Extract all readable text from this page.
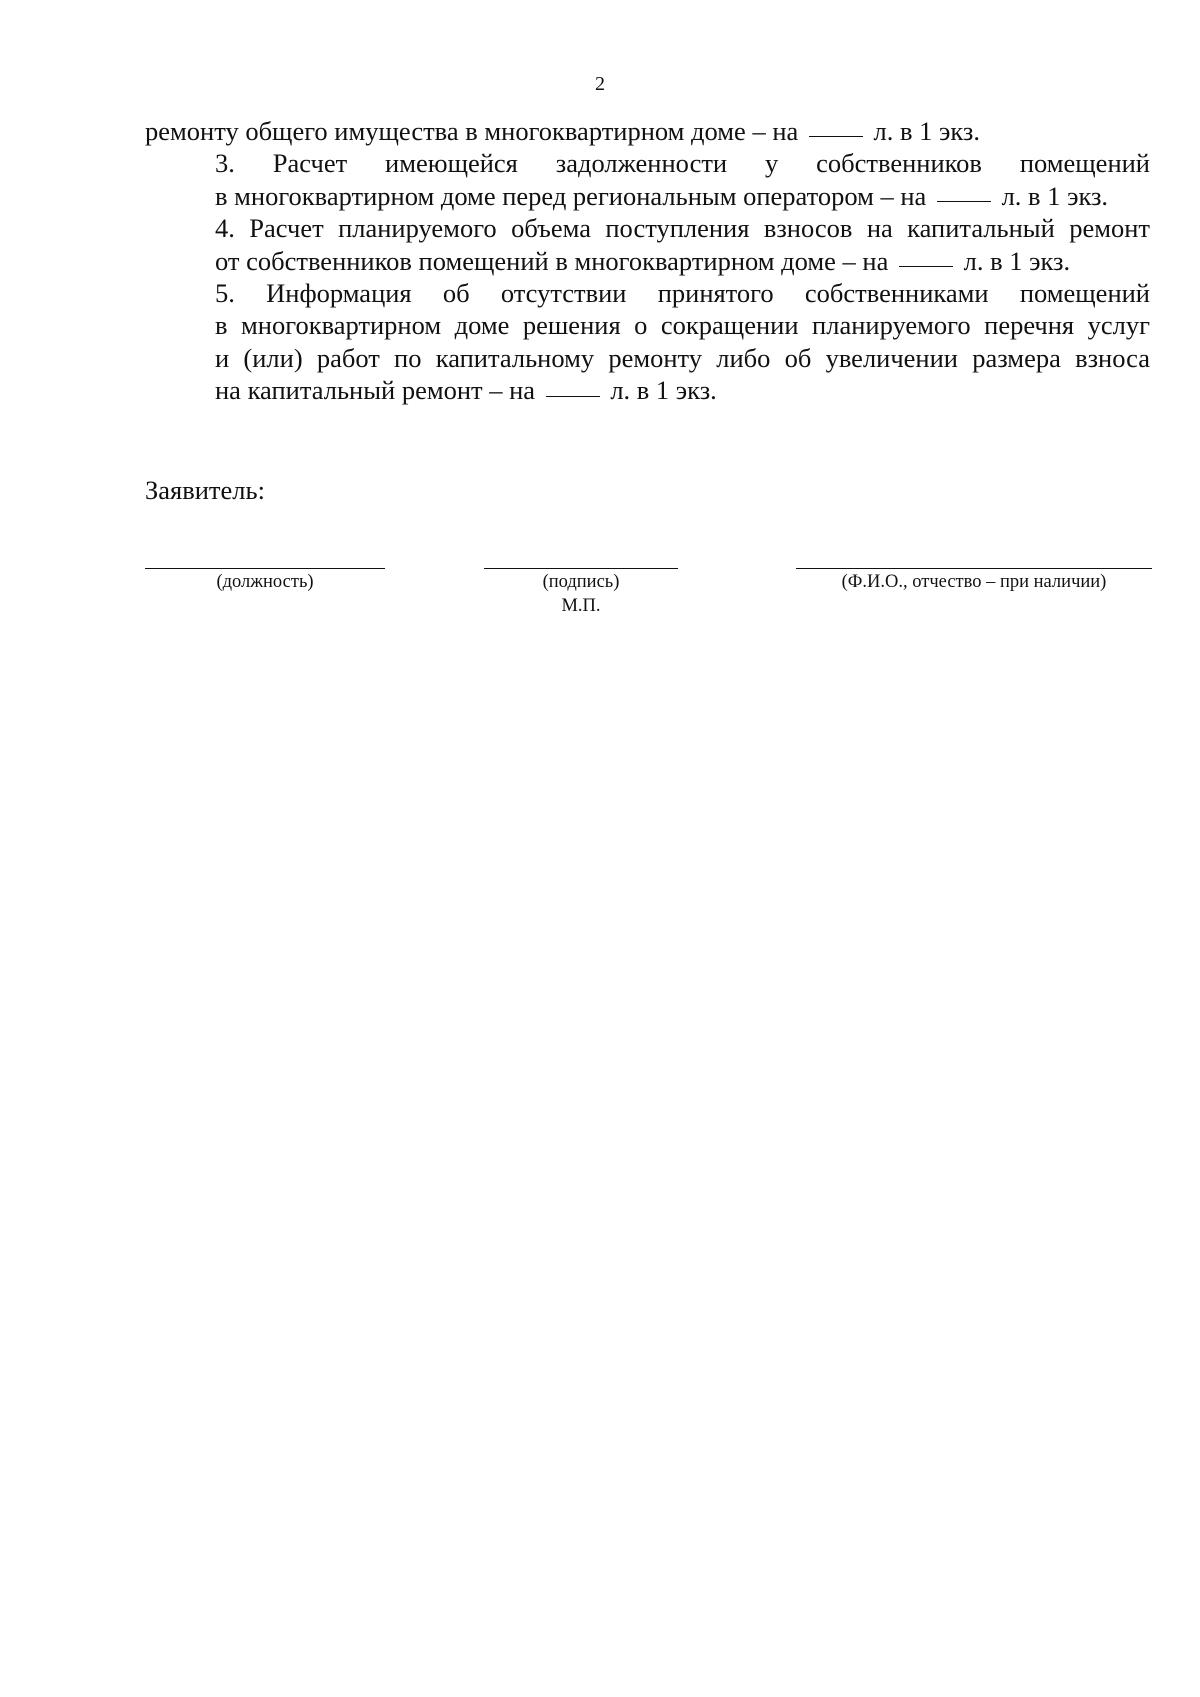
2

ремонту общего имущества в многоквартирном доме – на  л. в 1 экз.

3. Расчет имеющейся задолженности у собственников помещений
в многоквартирном доме перед региональным оператором – на  л. в 1 экз.

4. Расчет планируемого объема поступления взносов на капитальный ремонт
от собственников помещений в многоквартирном доме – на  л. в 1 экз.

5. Информация об отсутствии принятого собственниками помещений
в многоквартирном доме решения о сокращении планируемого перечня услуг
и (или) работ по капитальному ремонту либо об увеличении размера взноса
на капитальный ремонт – на  л. в 1 экз.

Заявитель:
(должность)	(подпись)
М.П.
(Ф.И.О., отчество – при наличии)
